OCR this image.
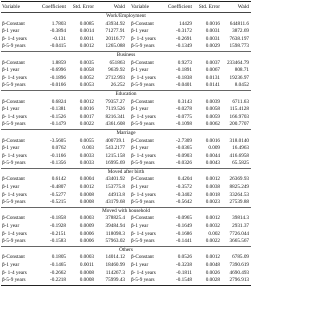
Variable	Coefficient	Std. Error	Wald	Variable	Coefficient	Std. Error	Wald
Work/Employment
β-Constant	1.7803	0.0085	43934.92	β-Constant	14429	0.0016	644811.6
β-1 year	-0.3894	0.0014	71277.91	β-1 year	-0.3172	0.0031	3872.69
β- 1-4 years	-0.131	0.0011	20116.77	β- 1-4 years	-0.2691	0.0031	7638.197
β-5-9 years	-0.0415	0.0012	1265.088	β-5-9 years	-0.1349	0.0029	1598.773
Business
β-Constant	1.8859	0.0035	651863	β-Constant	0.9273	0.0037	233464.79
β-1 year	-0.6996	0.0058	9639.92	β-1 year	-0.1891	0.0067	808.71
β- 1-4 years	-0.1896	0.0052	2712.993	β- 1-4 years	-0.1838	0.0131	19236.97
β-5-9 years	-0.0166	0.0053	26.252	β-5-9 years	-0.0401	0.0141	8.0452
Education
β-Constant	0.6824	0.0012	79357.27	β-Constant	0.3143	0.0039	6711.63
β-1 year	-0.1381	0.0016	7119.526	β-1 year	-0.0278	0.0058	115.4128
β- 1-4 years	-0.1526	0.0017	8216.341	β- 1-4 years	-0.0775	0.0059	166.9703
β-5-9 years	-0.1479	0.0022	4361.608	β-5-9 years	-0.1098	0.0062	200.7707
Marriage
β-Constant	-3.5605	0.0055	400739.1	β-Constant	-2.7309	0.0016	318.0140
β-1 year	0.0762	0.003	543.2177	β-1 year	-0.0365	0.009	16.4963
β- 1-4 years	-0.1166	0.0033	1215.158	β- 1-4 years	-0.0903	0.0044	416.6958
β-5-9 years	-0.1356	0.0033	16995.69	β-5-9 years	-0.0326	0.0043	65.5825
Moved after birth
β-Constant	0.6142	0.0004	43401.92	β-Constant	0.4204	0.0012	26369.93
β-1 year	-0.4807	0.0012	153775.8	β-1 year	-0.3572	0.0038	8825.249
β- 1-4 years	-0.5277	0.0008	44913.8	β- 1-4 years	-0.3402	0.0018	33264.53
β-5-9 years	-0.5215	0.0008	43179.68	β-5-9 years	-0.5642	0.0023	27539.88
Moved with household
β-Constant	-0.1858	0.0003	378825.4	β-Constant	-0.0965	0.0012	39814.3
β-1 year	-0.1928	0.0009	39484.94	β-1 year	-0.1649	0.0032	2931.37
β- 1-4 years	-0.2151	0.0006	118098.3	β- 1-4 years	-0.1686	0.002	7726.044
β-5-9 years	-0.1583	0.0006	57963.02	β-5-9 years	-0.1441	0.0022	3665.567
Others
β-Constant	0.1805	0.0003	14014.12	β-Constant	0.0526	0.0012	6785.09
β-1 year	-0.1465	0.0011	18460.99	β-1 year	-0.3238	0.0048	7390.619
β- 1-4 years	-0.2662	0.0008	114267.3	β- 1-4 years	-0.1811	0.0026	4690.493
β-5-9 years	-0.2218	0.0008	75999.43	β-5-9 years	-0.1548	0.0028	2796.913
